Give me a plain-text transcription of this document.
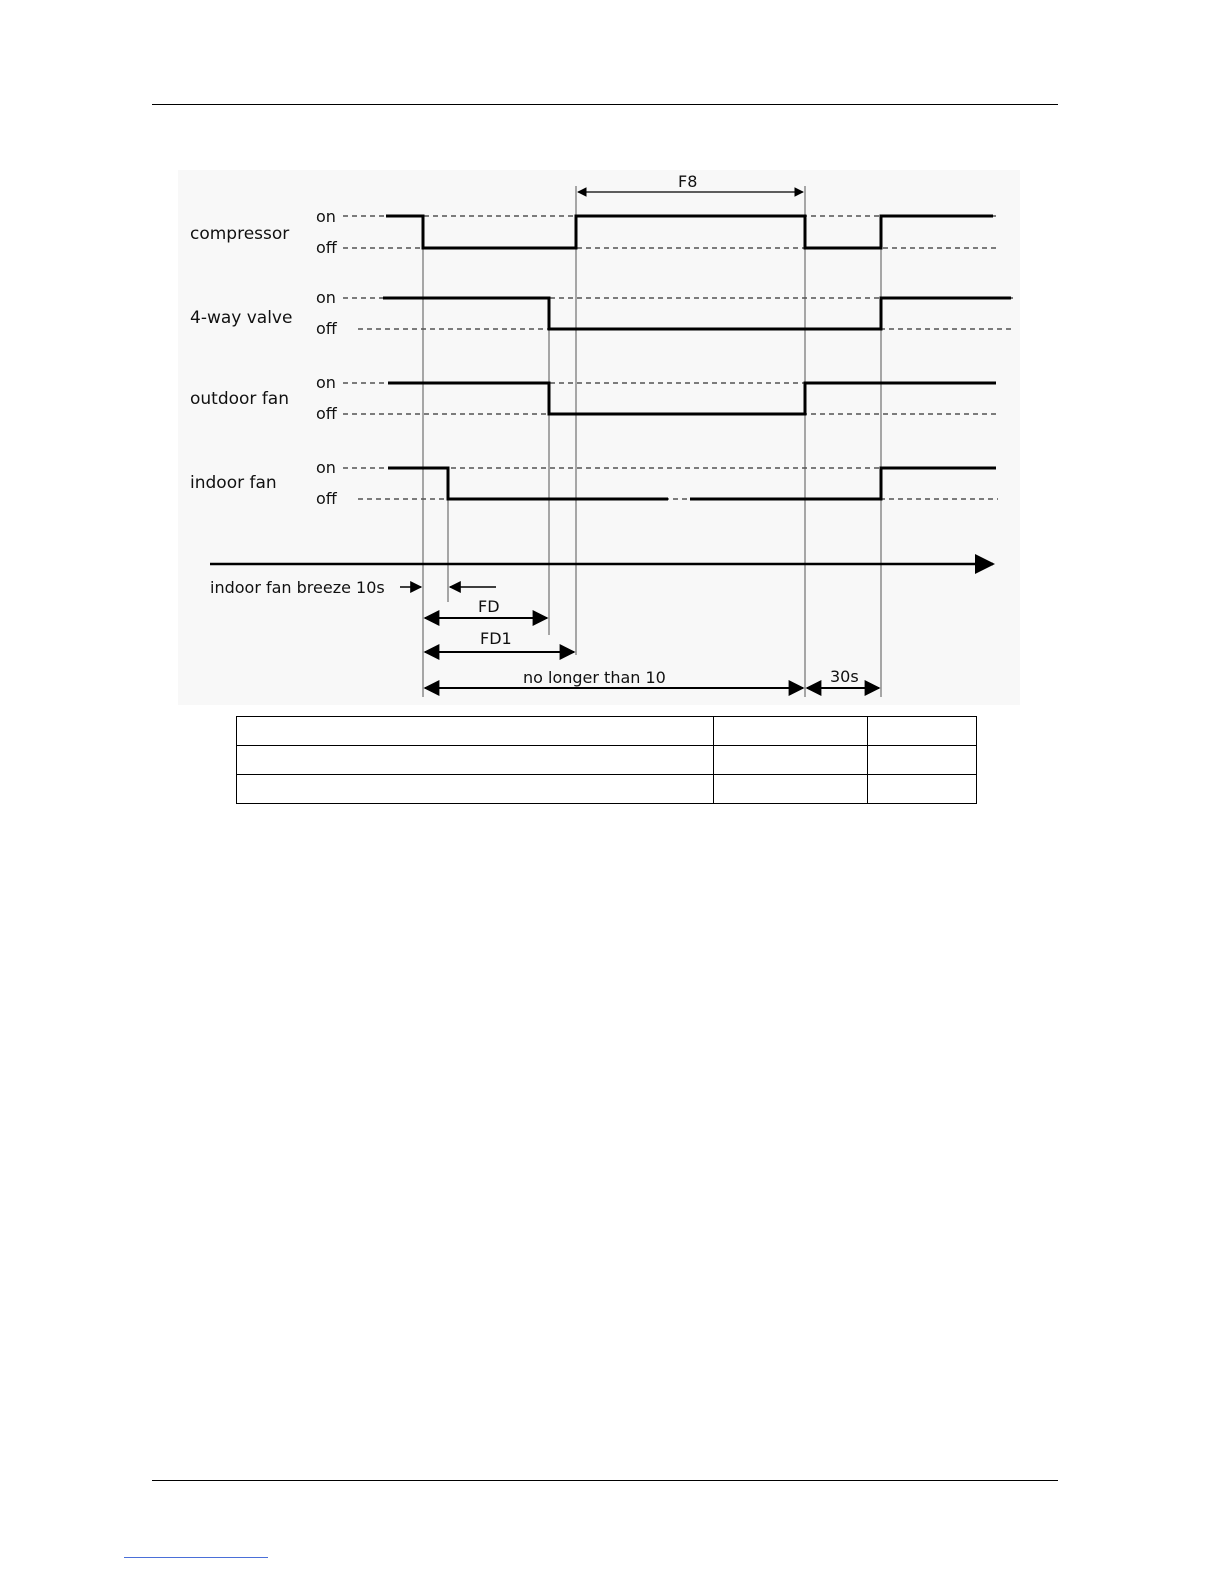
compressor
4-way valve
outdoor fan
indoor fan
on
off
on
off
on
off
on
off
F8
indoor fan breeze 10s
FD
FD1
no longer than 10	30s
